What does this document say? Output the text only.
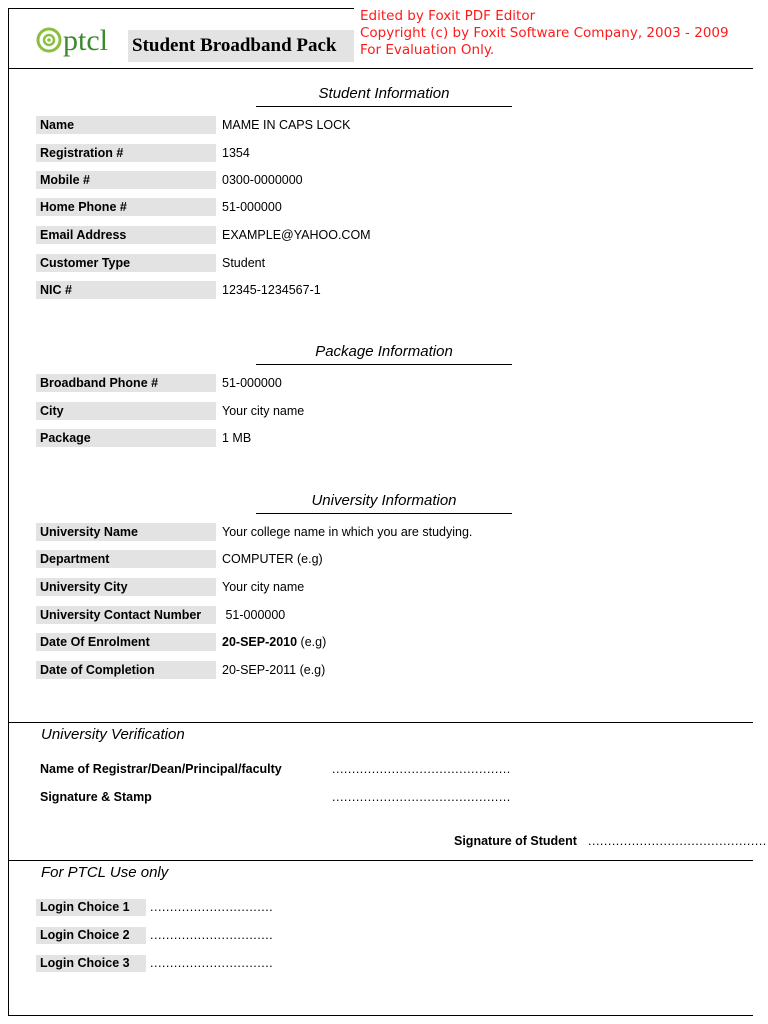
ptcl Student Broadband Pack
Edited by Foxit PDF Editor
Copyright (c) by Foxit Software Company, 2003 - 2009
For Evaluation Only.
Student Information
Name	MAME IN CAPS LOCK
Registration #	1354
Mobile #	0300-0000000
Home Phone #	51-000000
Email Address	EXAMPLE@YAHOO.COM
Customer Type	Student
NIC #	12345-1234567-1
Package Information
Broadband Phone #	51-000000
City	Your city name
Package	1 MB
University Information
University Name	Your college name in which you are studying.
Department	COMPUTER (e.g)
University City	Your city name
University Contact Number	51-000000
Date Of Enrolment	20-SEP-2010 (e.g)
Date of Completion	20-SEP-2011 (e.g)
University Verification
Name of Registrar/Dean/Principal/faculty	.............................................
Signature & Stamp	.............................................
Signature of Student .............................................
For PTCL Use only
Login Choice 1	...............................
Login Choice 2	...............................
Login Choice 3	...............................
